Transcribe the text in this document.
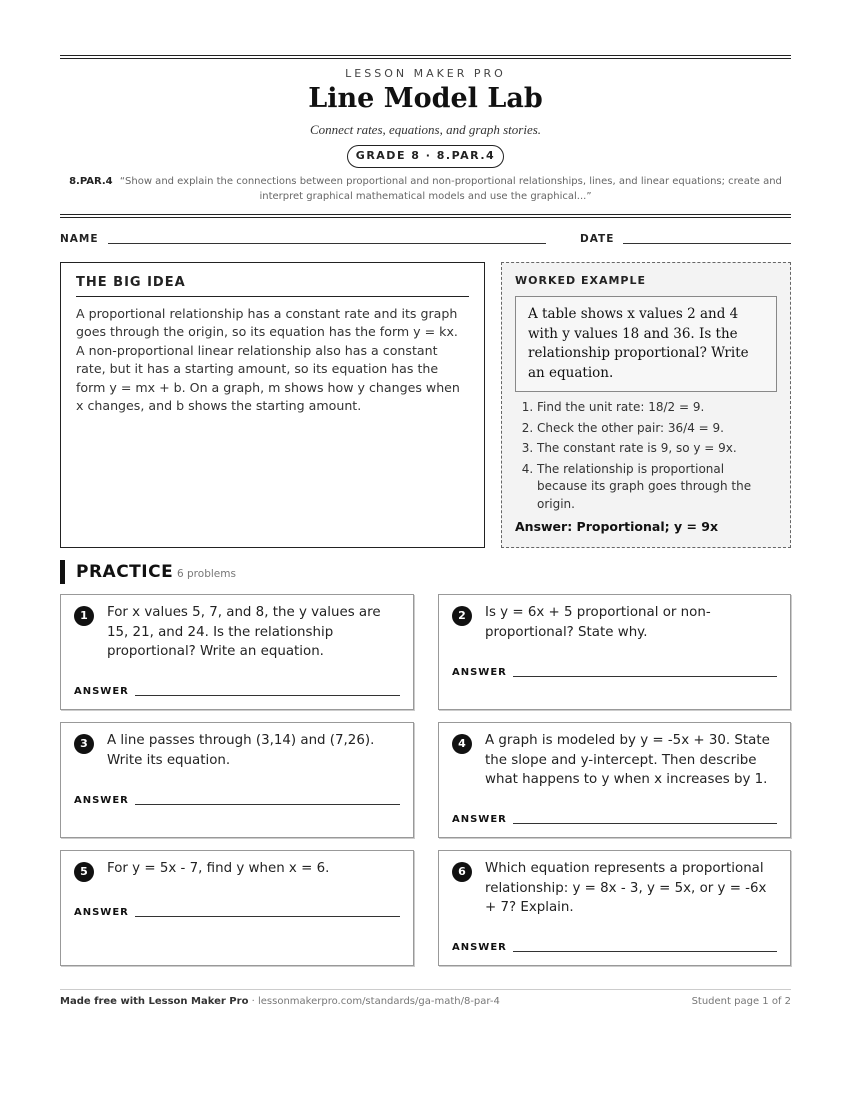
LESSON MAKER PRO
Line Model Lab
Connect rates, equations, and graph stories.
GRADE 8 · 8.PAR.4
8.PAR.4 “Show and explain the connections between proportional and non-proportional relationships, lines, and linear equations; create and interpret graphical mathematical models and use the graphical...”
NAME	DATE
THE BIG IDEA

A proportional relationship has a constant rate and its graph goes through the origin, so its equation has the form y = kx. A non-proportional linear relationship also has a constant rate, but it has a starting amount, so its equation has the form y = mx + b. On a graph, m shows how y changes when x changes, and b shows the starting amount.

WORKED EXAMPLE
A table shows x values 2 and 4 with y values 18 and 36. Is the relationship proportional? Write an equation.
1. Find the unit rate: 18/2 = 9.
2. Check the other pair: 36/4 = 9.
3. The constant rate is 9, so y = 9x.
4. The relationship is proportional because its graph goes through the origin.
Answer: Proportional; y = 9x
PRACTICE 6 problems
1	For x values 5, 7, and 8, the y values are 15, 21, and 24. Is the relationship proportional? Write an equation.
ANSWER
2	Is y = 6x + 5 proportional or non-proportional? State why.
ANSWER
3	A line passes through (3,14) and (7,26). Write its equation.
ANSWER
4	A graph is modeled by y = -5x + 30. State the slope and y-intercept. Then describe what happens to y when x increases by 1.
ANSWER
5	For y = 5x - 7, find y when x = 6.
ANSWER
6	Which equation represents a proportional relationship: y = 8x - 3, y = 5x, or y = -6x + 7? Explain.
ANSWER
Made free with Lesson Maker Pro · lessonmakerpro.com/standards/ga-math/8-par-4	Student page 1 of 2
